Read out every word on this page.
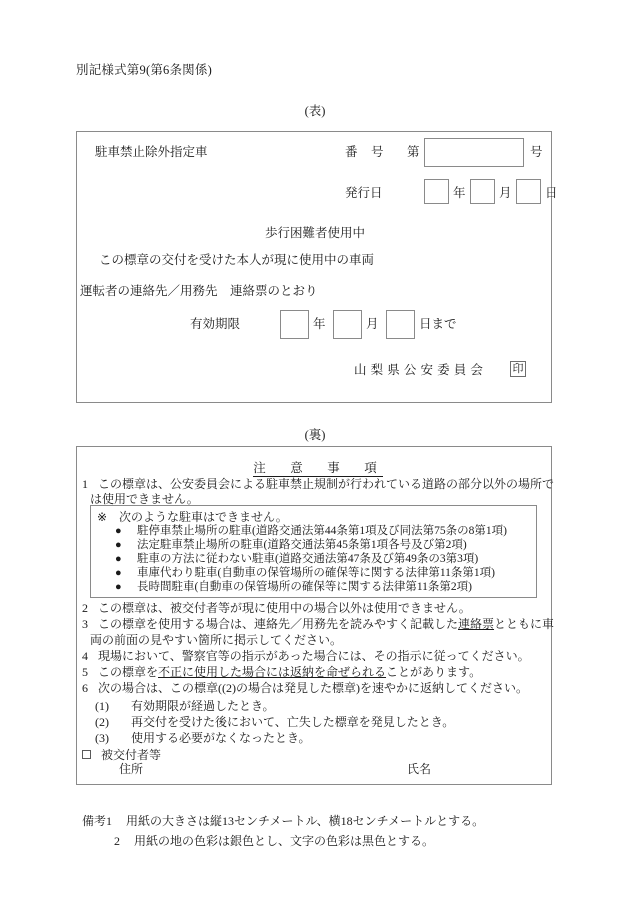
別記様式第9(第6条関係)
(表)
駐車禁止除外指定車	番　号 第	号
発行日	年	月	日
歩行困難者使用中
この標章の交付を受けた本人が現に使用中の車両
運転者の連絡先／用務先　連絡票のとおり
有効期限	年	月	日まで
山 梨 県 公 安 委 員 会	印
(裏)
注　意　事　項
1 この標章は、公安委員会による駐車禁止規制が行われている道路の部分以外の場所で
は使用できません。
※ 次のような駐車はできません。
● 駐停車禁止場所の駐車(道路交通法第44条第1項及び同法第75条の8第1項)
● 法定駐車禁止場所の駐車(道路交通法第45条第1項各号及び第2項)
● 駐車の方法に従わない駐車(道路交通法第47条及び第49条の3第3項)
● 車庫代わり駐車(自動車の保管場所の確保等に関する法律第11条第1項)
● 長時間駐車(自動車の保管場所の確保等に関する法律第11条第2項)
2 この標章は、被交付者等が現に使用中の場合以外は使用できません。
3 この標章を使用する場合は、連絡先／用務先を読みやすく記載した連絡票とともに車
両の前面の見やすい箇所に掲示してください。
4 現場において、警察官等の指示があった場合には、その指示に従ってください。
5 この標章を不正に使用した場合には返納を命ぜられることがあります。
6 次の場合は、この標章((2)の場合は発見した標章)を速やかに返納してください。
(1) 有効期限が経過したとき。
(2) 再交付を受けた後において、亡失した標章を発見したとき。
(3) 使用する必要がなくなったとき。
被交付者等
住所	氏名
備考1 用紙の大きさは縦13センチメートル、横18センチメートルとする。
2 用紙の地の色彩は銀色とし、文字の色彩は黒色とする。
